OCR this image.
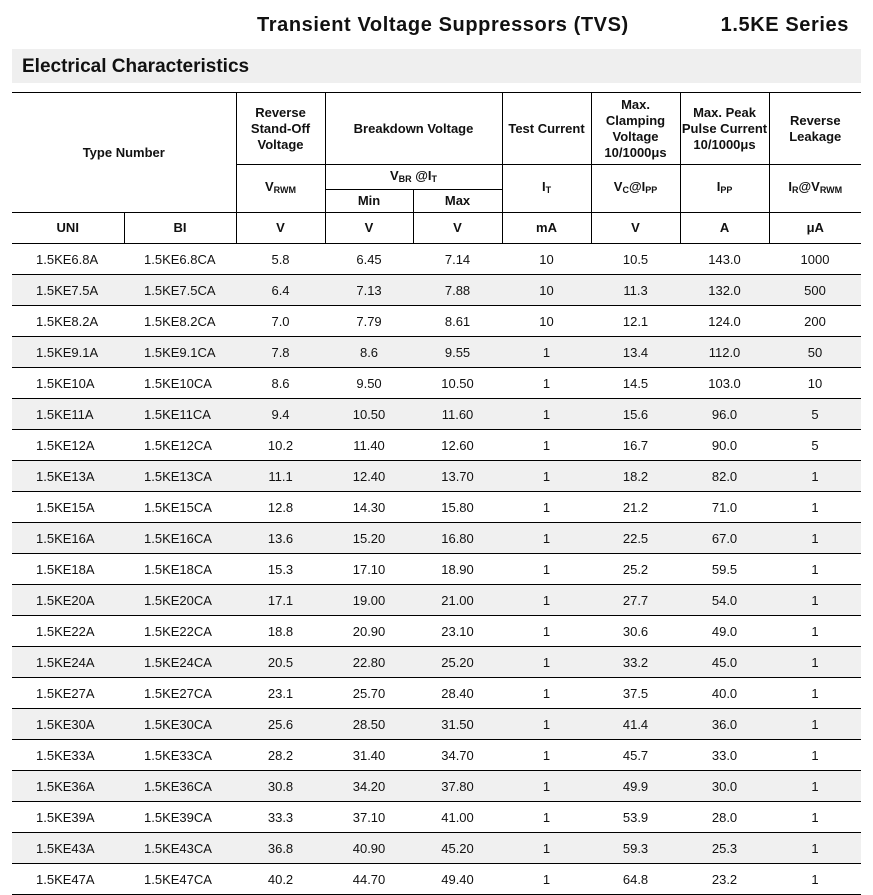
Transient Voltage Suppressors (TVS)	1.5KE Series
Electrical Characteristics
Type Number		Reverse Stand-Off Voltage	Breakdown Voltage		Test Current	Max. Clamping Voltage 10/1000μs	Max. Peak Pulse Current 10/1000μs	Reverse Leakage
		$V_{RWM}$	$V_{BR}$ $@I_T$		$I_T$	$V_C@I_{PP}$	$I_{PP}$	$I_R@V_{RWM}$
			Min	Max				
UNI	BI	V	V	V	mA	V	A	μA
1.5KE6.8A	1.5KE6.8CA	5.8	6.45	7.14	10	10.5	143.0	1000
1.5KE7.5A	1.5KE7.5CA	6.4	7.13	7.88	10	11.3	132.0	500
1.5KE8.2A	1.5KE8.2CA	7.0	7.79	8.61	10	12.1	124.0	200
1.5KE9.1A	1.5KE9.1CA	7.8	8.6	9.55	1	13.4	112.0	50
1.5KE10A	1.5KE10CA	8.6	9.50	10.50	1	14.5	103.0	10
1.5KE11A	1.5KE11CA	9.4	10.50	11.60	1	15.6	96.0	5
1.5KE12A	1.5KE12CA	10.2	11.40	12.60	1	16.7	90.0	5
1.5KE13A	1.5KE13CA	11.1	12.40	13.70	1	18.2	82.0	1
1.5KE15A	1.5KE15CA	12.8	14.30	15.80	1	21.2	71.0	1
1.5KE16A	1.5KE16CA	13.6	15.20	16.80	1	22.5	67.0	1
1.5KE18A	1.5KE18CA	15.3	17.10	18.90	1	25.2	59.5	1
1.5KE20A	1.5KE20CA	17.1	19.00	21.00	1	27.7	54.0	1
1.5KE22A	1.5KE22CA	18.8	20.90	23.10	1	30.6	49.0	1
1.5KE24A	1.5KE24CA	20.5	22.80	25.20	1	33.2	45.0	1
1.5KE27A	1.5KE27CA	23.1	25.70	28.40	1	37.5	40.0	1
1.5KE30A	1.5KE30CA	25.6	28.50	31.50	1	41.4	36.0	1
1.5KE33A	1.5KE33CA	28.2	31.40	34.70	1	45.7	33.0	1
1.5KE36A	1.5KE36CA	30.8	34.20	37.80	1	49.9	30.0	1
1.5KE39A	1.5KE39CA	33.3	37.10	41.00	1	53.9	28.0	1
1.5KE43A	1.5KE43CA	36.8	40.90	45.20	1	59.3	25.3	1
1.5KE47A	1.5KE47CA	40.2	44.70	49.40	1	64.8	23.2	1
